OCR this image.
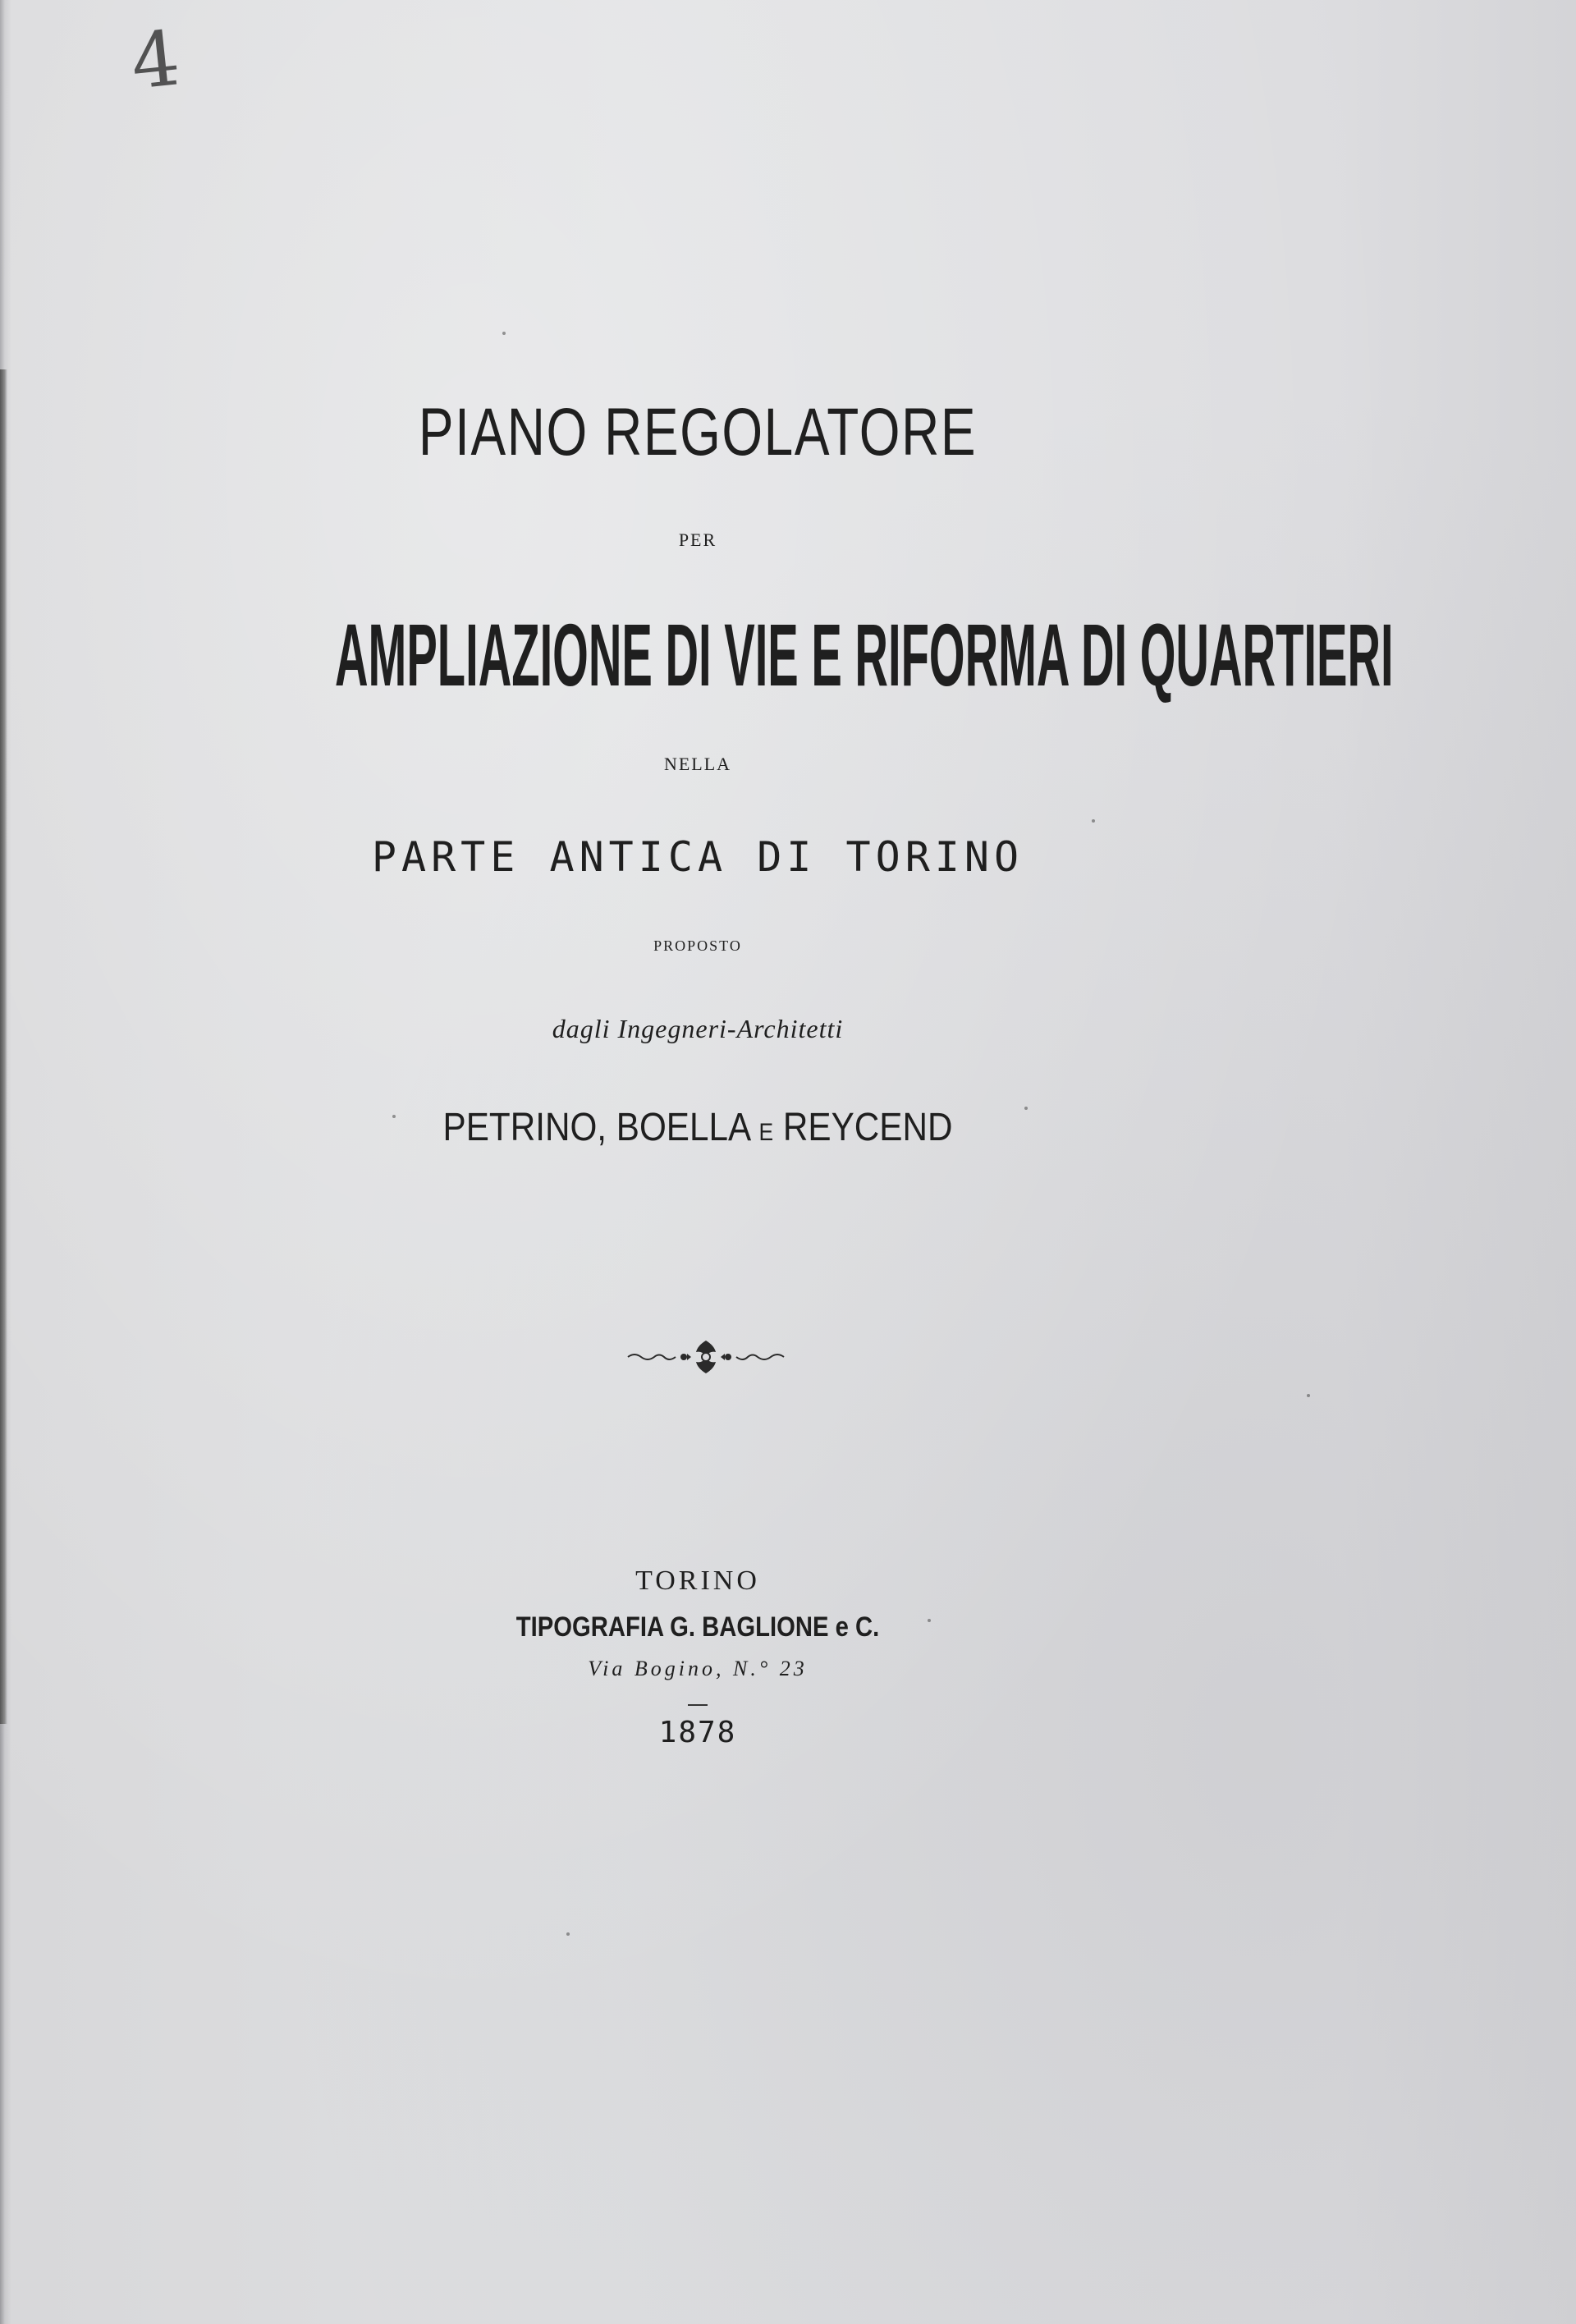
4
PIANO REGOLATORE
PER
AMPLIAZIONE DI VIE E RIFORMA DI QUARTIERI
NELLA
PARTE ANTICA DI TORINO
PROPOSTO
dagli Ingegneri-Architetti
PETRINO, BOELLA E REYCEND
TORINO
TIPOGRAFIA G. BAGLIONE e C.
Via Bogino, N.° 23
1878
